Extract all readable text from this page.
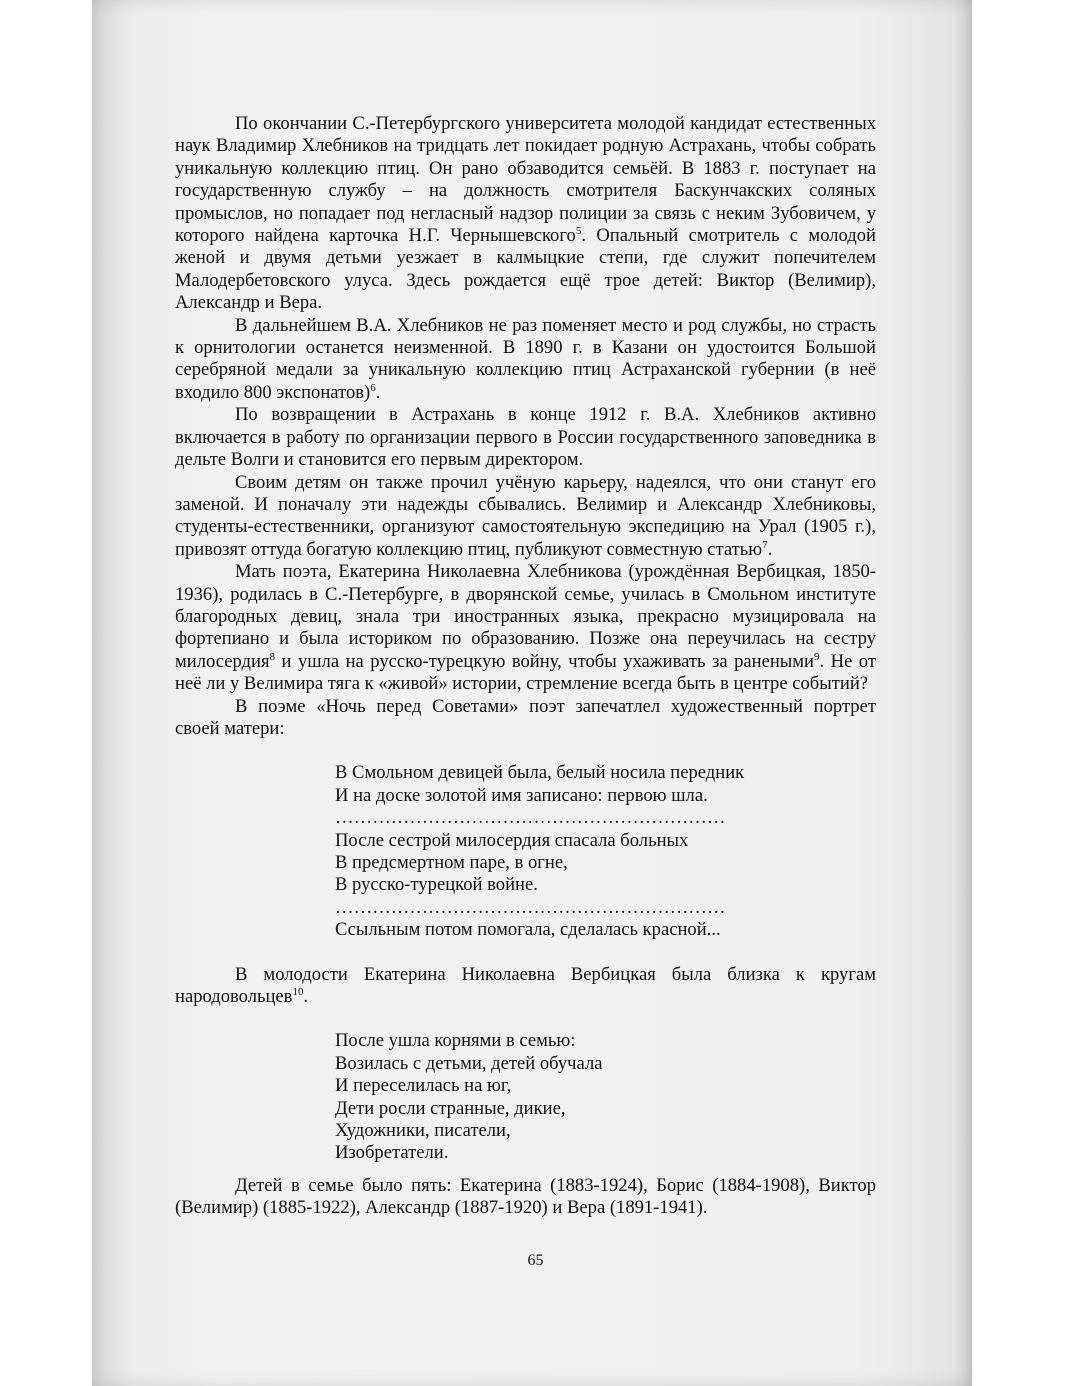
По окончании С.-Петербургского университета молодой кандидат естественных наук Владимир Хлебников на тридцать лет покидает родную Астрахань, чтобы собрать уникальную коллекцию птиц. Он рано обзаводится семьёй. В 1883 г. поступает на государственную службу – на должность смотрителя Баскунчакских соляных промыслов, но попадает под негласный надзор полиции за связь с неким Зубовичем, у которого найдена карточка Н.Г. Чернышевского$^5$. Опальный смотритель с молодой женой и двумя детьми уезжает в калмыцкие степи, где служит попечителем Малодербетовского улуса. Здесь рождается ещё трое детей: Виктор (Велимир), Александр и Вера.

В дальнейшем В.А. Хлебников не раз поменяет место и род службы, но страсть к орнитологии останется неизменной. В 1890 г. в Казани он удостоится Большой серебряной медали за уникальную коллекцию птиц Астраханской губернии (в неё входило 800 экспонатов)$^6$.

По возвращении в Астрахань в конце 1912 г. В.А. Хлебников активно включается в работу по организации первого в России государственного заповедника в дельте Волги и становится его первым директором.

Своим детям он также прочил учёную карьеру, надеялся, что они станут его заменой. И поначалу эти надежды сбывались. Велимир и Александр Хлебниковы, студенты-естественники, организуют самостоятельную экспедицию на Урал (1905 г.), привозят оттуда богатую коллекцию птиц, публикуют совместную статью$^7$.

Мать поэта, Екатерина Николаевна Хлебникова (урождённая Вербицкая, 1850-1936), родилась в С.-Петербурге, в дворянской семье, училась в Смольном институте благородных девиц, знала три иностранных языка, прекрасно музицировала на фортепиано и была историком по образованию. Позже она переучилась на сестру милосердия$^8$ и ушла на русско-турецкую войну, чтобы ухаживать за ранеными$^9$. Не от неё ли у Велимира тяга к «живой» истории, стремление всегда быть в центре событий?

В поэме «Ночь перед Советами» поэт запечатлел художественный портрет своей матери:

В Смольном девицей была, белый носила передник
И на доске золотой имя записано: первою шла.
………………………………………………………
После сестрой милосердия спасала больных
В предсмертном паре, в огне,
В русско-турецкой войне.
………………………………………………………
Ссыльным потом помогала, сделалась красной...

В молодости Екатерина Николаевна Вербицкая была близка к кругам народовольцев$^{10}$.

После ушла корнями в семью:
Возилась с детьми, детей обучала
И переселилась на юг,
Дети росли странные, дикие,
Художники, писатели,
Изобретатели.

Детей в семье было пять: Екатерина (1883-1924), Борис (1884-1908), Виктор (Велимир) (1885-1922), Александр (1887-1920) и Вера (1891-1941).

65
